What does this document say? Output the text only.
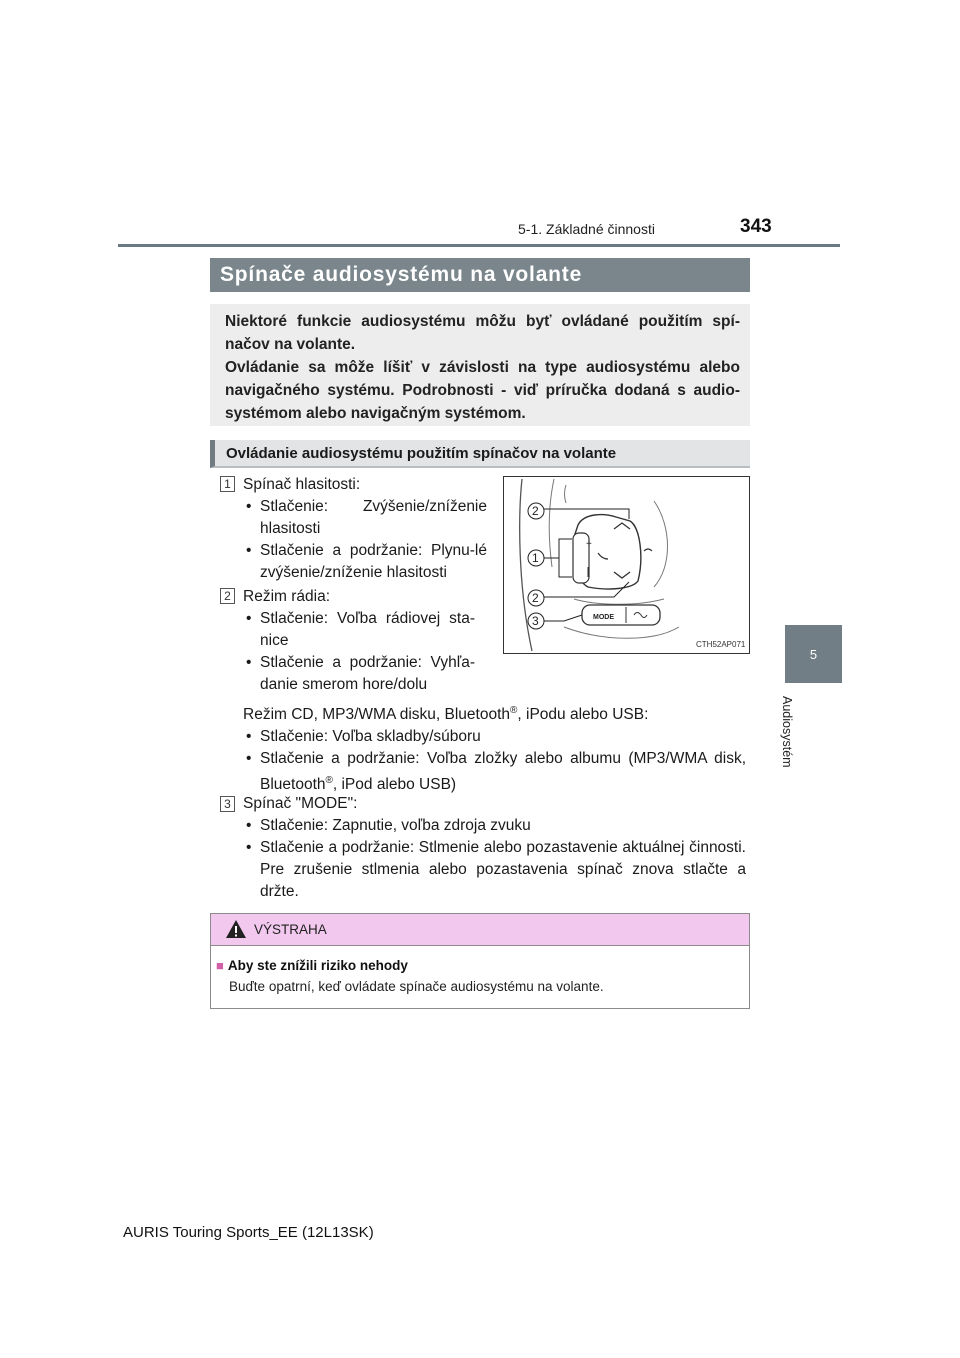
5-1. Základné činnosti	343
5
Audiosystém
Spínače audiosystému na volante

Niektoré funkcie audiosystému môžu byť ovládané použitím spí-načov na volante.

Ovládanie sa môže líšiť v závislosti na type audiosystému alebo navigačného systému. Podrobnosti - viď príručka dodaná s audio-systémom alebo navigačným systémom.

Ovládanie audiosystému použitím spínačov na volante
1 Spínač hlasitosti:

• Stlačenie: Zvýšenie/zníženie hlasitosti
• Stlačenie a podržanie: Plynu-lé zvýšenie/zníženie hlasitosti
2 Režim rádia:

• Stlačenie: Voľba rádiovej sta-nice
• Stlačenie a podržanie: Vyhľa-danie smerom hore/dolu

Režim CD, MP3/WMA disku, Bluetooth®, iPodu alebo USB:

• Stlačenie: Voľba skladby/súboru
• Stlačenie a podržanie: Voľba zložky alebo albumu (MP3/WMA disk, Bluetooth®, iPod alebo USB)
3 Spínač "MODE":

• Stlačenie: Zapnutie, voľba zdroja zvuku
• Stlačenie a podržanie: Stlmenie alebo pozastavenie aktuálnej činnosti. Pre zrušenie stlmenia alebo pozastavenia spínač znova stlačte a držte.
+
MODE
2
1
2
3
CTH52AP071
VÝSTRAHA
■ Aby ste znížili riziko nehody
Buďte opatrní, keď ovládate spínače audiosystému na volante.
AURIS Touring Sports_EE (12L13SK)
